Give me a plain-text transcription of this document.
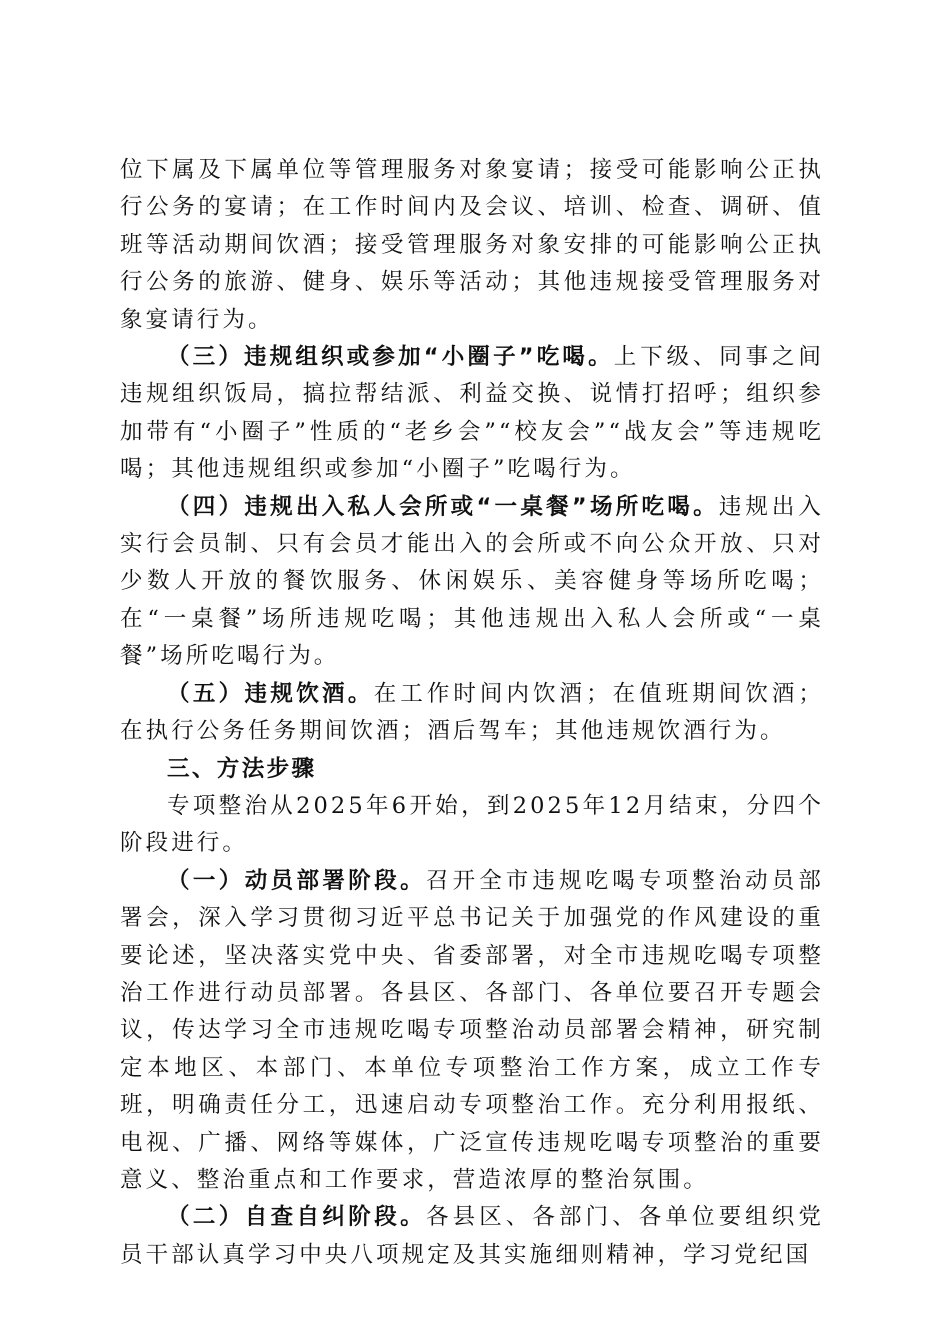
位下属及下属单位等管理服务对象宴请；接受可能影响公正执行公务的宴请；在工作时间内及会议、培训、检查、调研、值班等活动期间饮酒；接受管理服务对象安排的可能影响公正执行公务的旅游、健身、娱乐等活动；其他违规接受管理服务对象宴请行为。

（三）违规组织或参加“小圈子”吃喝。上下级、同事之间违规组织饭局，搞拉帮结派、利益交换、说情打招呼；组织参加带有“小圈子”性质的“老乡会”“校友会”“战友会”等违规吃喝；其他违规组织或参加“小圈子”吃喝行为。

（四）违规出入私人会所或“一桌餐”场所吃喝。违规出入实行会员制、只有会员才能出入的会所或不向公众开放、只对少数人开放的餐饮服务、休闲娱乐、美容健身等场所吃喝；在“一桌餐”场所违规吃喝；其他违规出入私人会所或“一桌餐”场所吃喝行为。

（五）违规饮酒。在工作时间内饮酒；在值班期间饮酒；在执行公务任务期间饮酒；酒后驾车；其他违规饮酒行为。

三、方法步骤

专项整治从2025年6开始，到2025年12月结束，分四个阶段进行。

（一）动员部署阶段。召开全市违规吃喝专项整治动员部署会，深入学习贯彻习近平总书记关于加强党的作风建设的重要论述，坚决落实党中央、省委部署，对全市违规吃喝专项整治工作进行动员部署。各县区、各部门、各单位要召开专题会议，传达学习全市违规吃喝专项整治动员部署会精神，研究制定本地区、本部门、本单位专项整治工作方案，成立工作专班，明确责任分工，迅速启动专项整治工作。充分利用报纸、电视、广播、网络等媒体，广泛宣传违规吃喝专项整治的重要意义、整治重点和工作要求，营造浓厚的整治氛围。

（二）自查自纠阶段。各县区、各部门、各单位要组织党员干部认真学习中央八项规定及其实施细则精神，学习党纪国
